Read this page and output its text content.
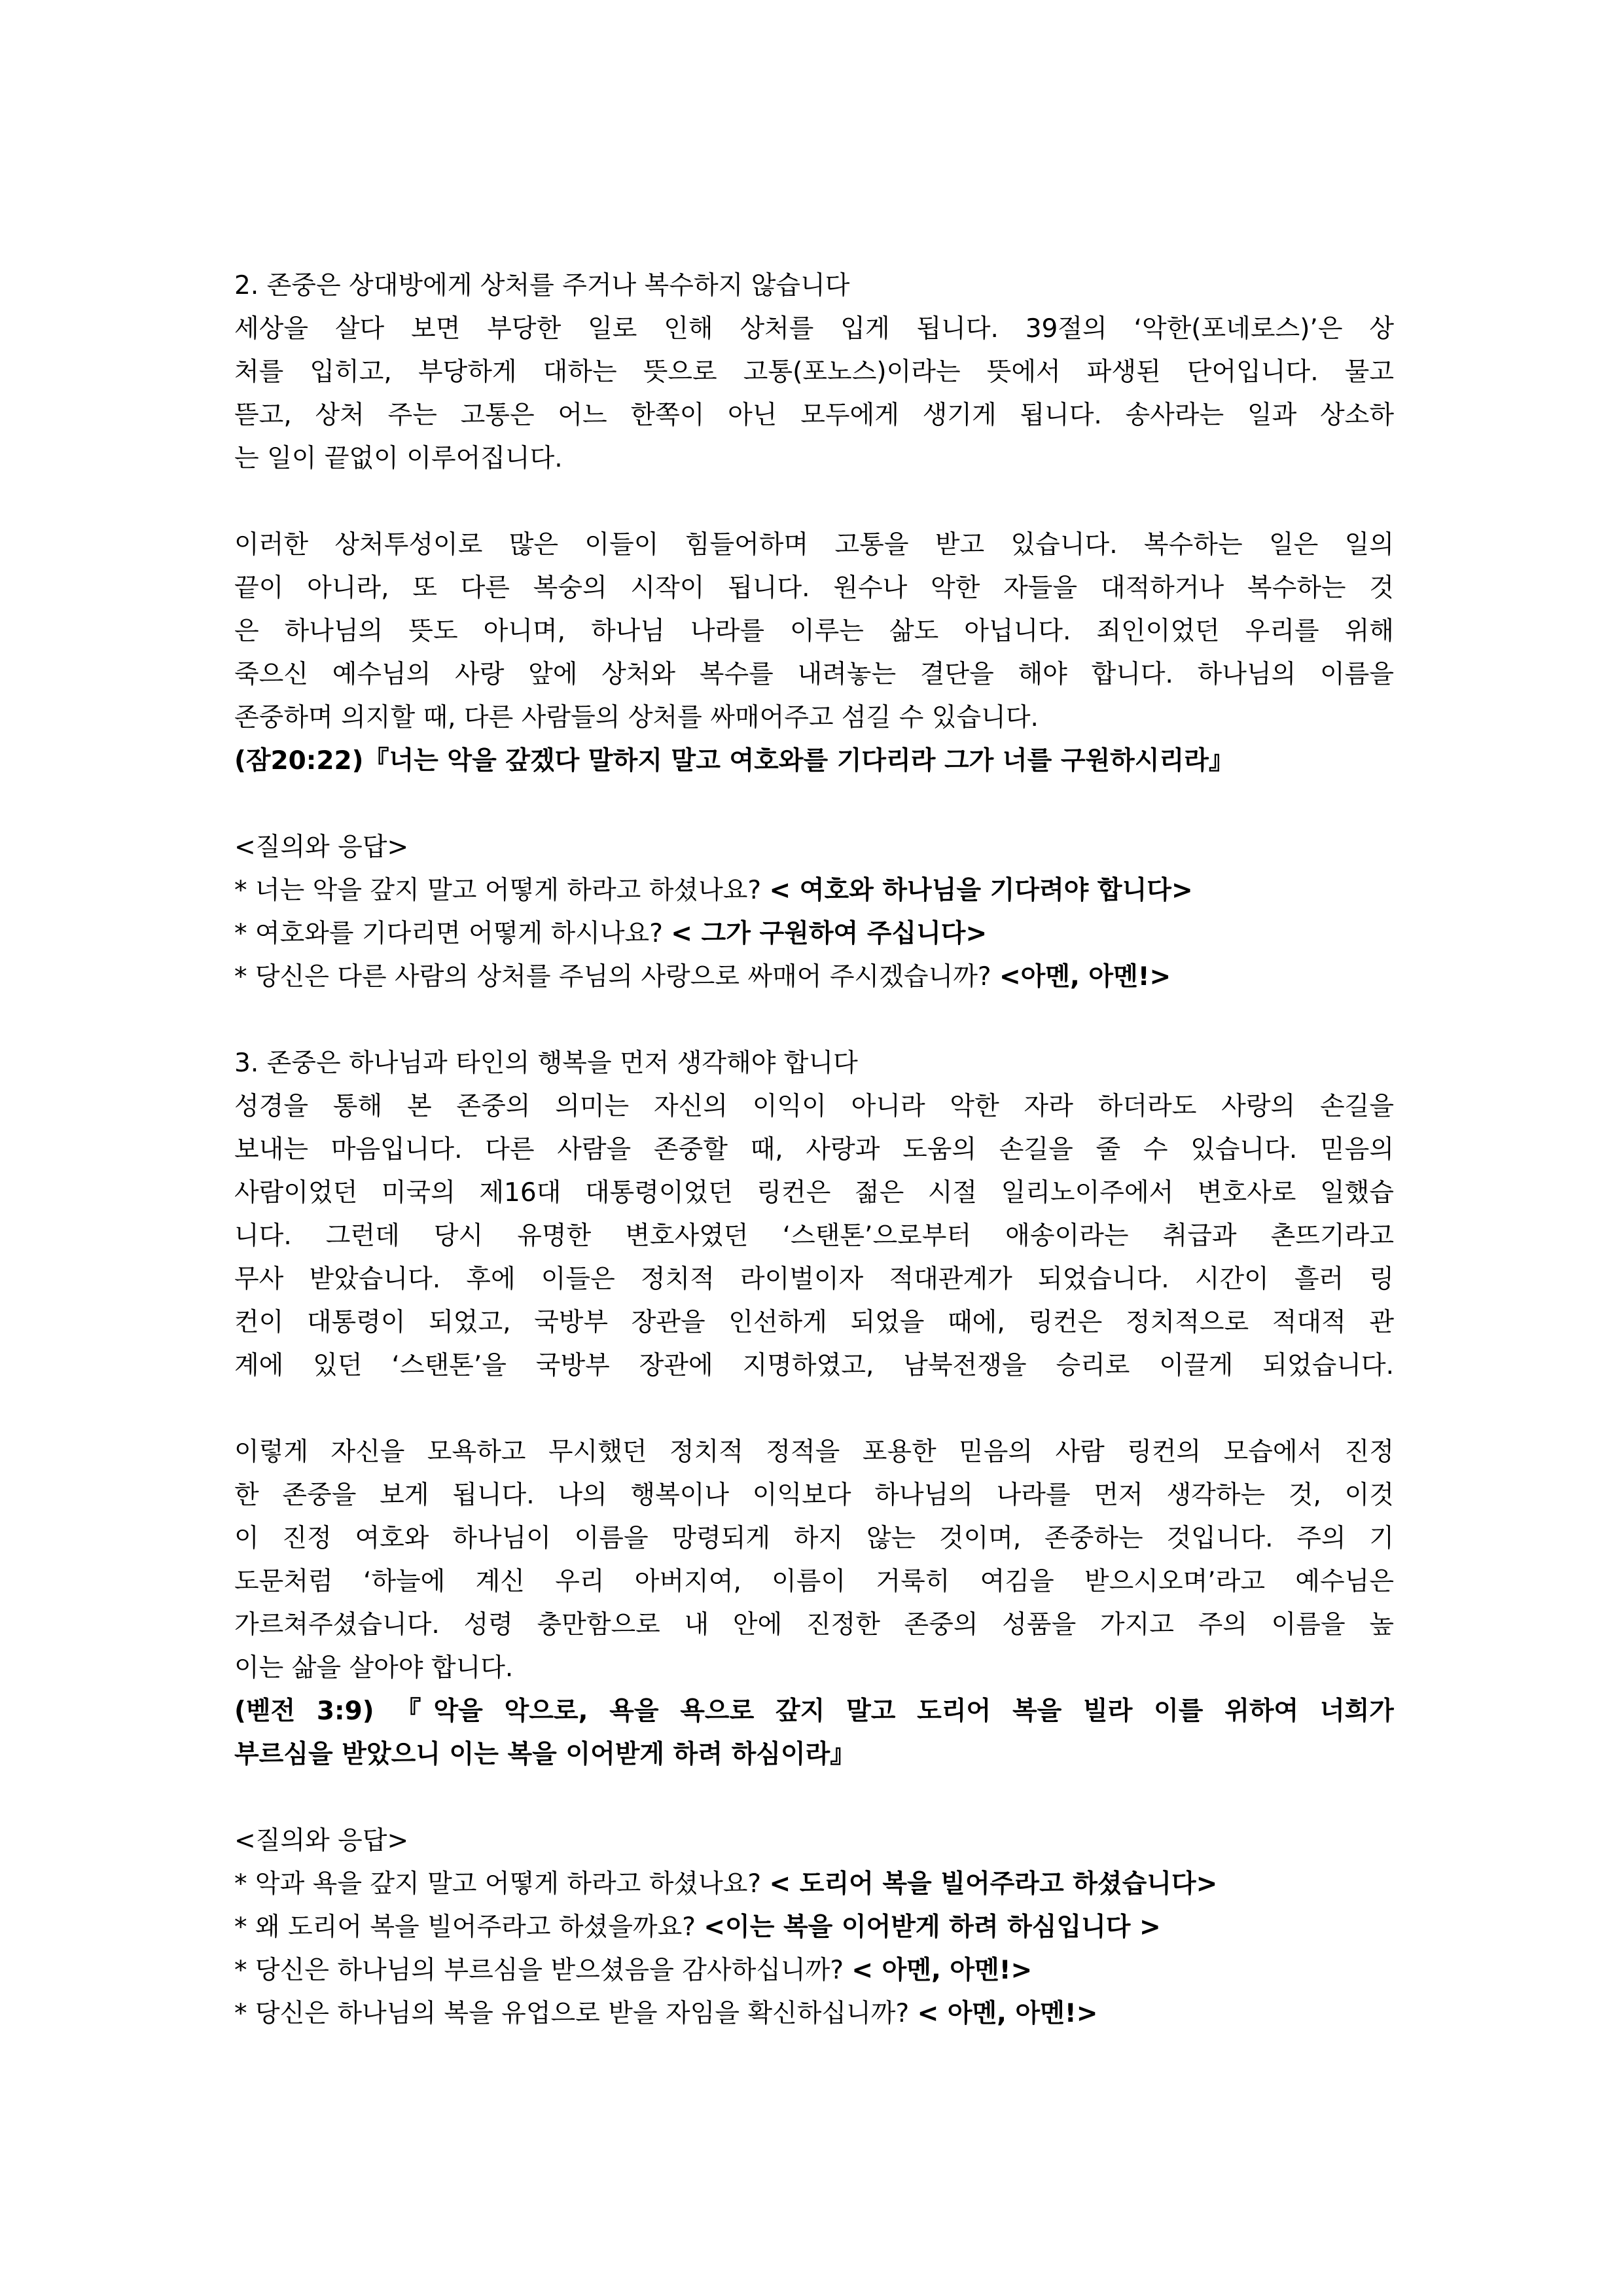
2. 존중은 상대방에게 상처를 주거나 복수하지 않습니다
세상을 살다 보면 부당한 일로 인해 상처를 입게 됩니다. 39절의 ‘악한(포네로스)’은 상
처를 입히고, 부당하게 대하는 뜻으로 고통(포노스)이라는 뜻에서 파생된 단어입니다. 물고
뜯고, 상처 주는 고통은 어느 한쪽이 아닌 모두에게 생기게 됩니다. 송사라는 일과 상소하
는 일이 끝없이 이루어집니다.
이러한 상처투성이로 많은 이들이 힘들어하며 고통을 받고 있습니다. 복수하는 일은 일의
끝이 아니라, 또 다른 복숭의 시작이 됩니다. 원수나 악한 자들을 대적하거나 복수하는 것
은 하나님의 뜻도 아니며, 하나님 나라를 이루는 삶도 아닙니다. 죄인이었던 우리를 위해
죽으신 예수님의 사랑 앞에 상처와 복수를 내려놓는 결단을 해야 합니다. 하나님의 이름을
존중하며 의지할 때, 다른 사람들의 상처를 싸매어주고 섬길 수 있습니다.
(잠20:22)『너는 악을 갚겠다 말하지 말고 여호와를 기다리라 그가 너를 구원하시리라』
<질의와 응답>
* 너는 악을 갚지 말고 어떻게 하라고 하셨나요? < 여호와 하나님을 기다려야 합니다>
* 여호와를 기다리면 어떻게 하시나요? < 그가 구원하여 주십니다>
* 당신은 다른 사람의 상처를 주님의 사랑으로 싸매어 주시겠습니까? <아멘, 아멘!>
3. 존중은 하나님과 타인의 행복을 먼저 생각해야 합니다
성경을 통해 본 존중의 의미는 자신의 이익이 아니라 악한 자라 하더라도 사랑의 손길을
보내는 마음입니다. 다른 사람을 존중할 때, 사랑과 도움의 손길을 줄 수 있습니다. 믿음의
사람이었던 미국의 제16대 대통령이었던 링컨은 젊은 시절 일리노이주에서 변호사로 일했습
니다. 그런데 당시 유명한 변호사였던 ‘스탠톤’으로부터 애송이라는 취급과 촌뜨기라고
무사 받았습니다. 후에 이들은 정치적 라이벌이자 적대관계가 되었습니다. 시간이 흘러 링
컨이 대통령이 되었고, 국방부 장관을 인선하게 되었을 때에, 링컨은 정치적으로 적대적 관
계에 있던 ‘스탠톤’을 국방부 장관에 지명하였고, 남북전쟁을 승리로 이끌게 되었습니다.
이렇게 자신을 모욕하고 무시했던 정치적 정적을 포용한 믿음의 사람 링컨의 모습에서 진정
한 존중을 보게 됩니다. 나의 행복이나 이익보다 하나님의 나라를 먼저 생각하는 것, 이것
이 진정 여호와 하나님이 이름을 망령되게 하지 않는 것이며, 존중하는 것입니다. 주의 기
도문처럼 ‘하늘에 계신 우리 아버지여, 이름이 거룩히 여김을 받으시오며’라고 예수님은
가르쳐주셨습니다. 성령 충만함으로 내 안에 진정한 존중의 성품을 가지고 주의 이름을 높
이는 삶을 살아야 합니다.
(벧전 3:9) 『악을 악으로, 욕을 욕으로 갚지 말고 도리어 복을 빌라 이를 위하여 너희가
부르심을 받았으니 이는 복을 이어받게 하려 하심이라』
<질의와 응답>
* 악과 욕을 갚지 말고 어떻게 하라고 하셨나요? < 도리어 복을 빌어주라고 하셨습니다>
* 왜 도리어 복을 빌어주라고 하셨을까요? <이는 복을 이어받게 하려 하심입니다 >
* 당신은 하나님의 부르심을 받으셨음을 감사하십니까? < 아멘, 아멘!>
* 당신은 하나님의 복을 유업으로 받을 자임을 확신하십니까? < 아멘, 아멘!>
